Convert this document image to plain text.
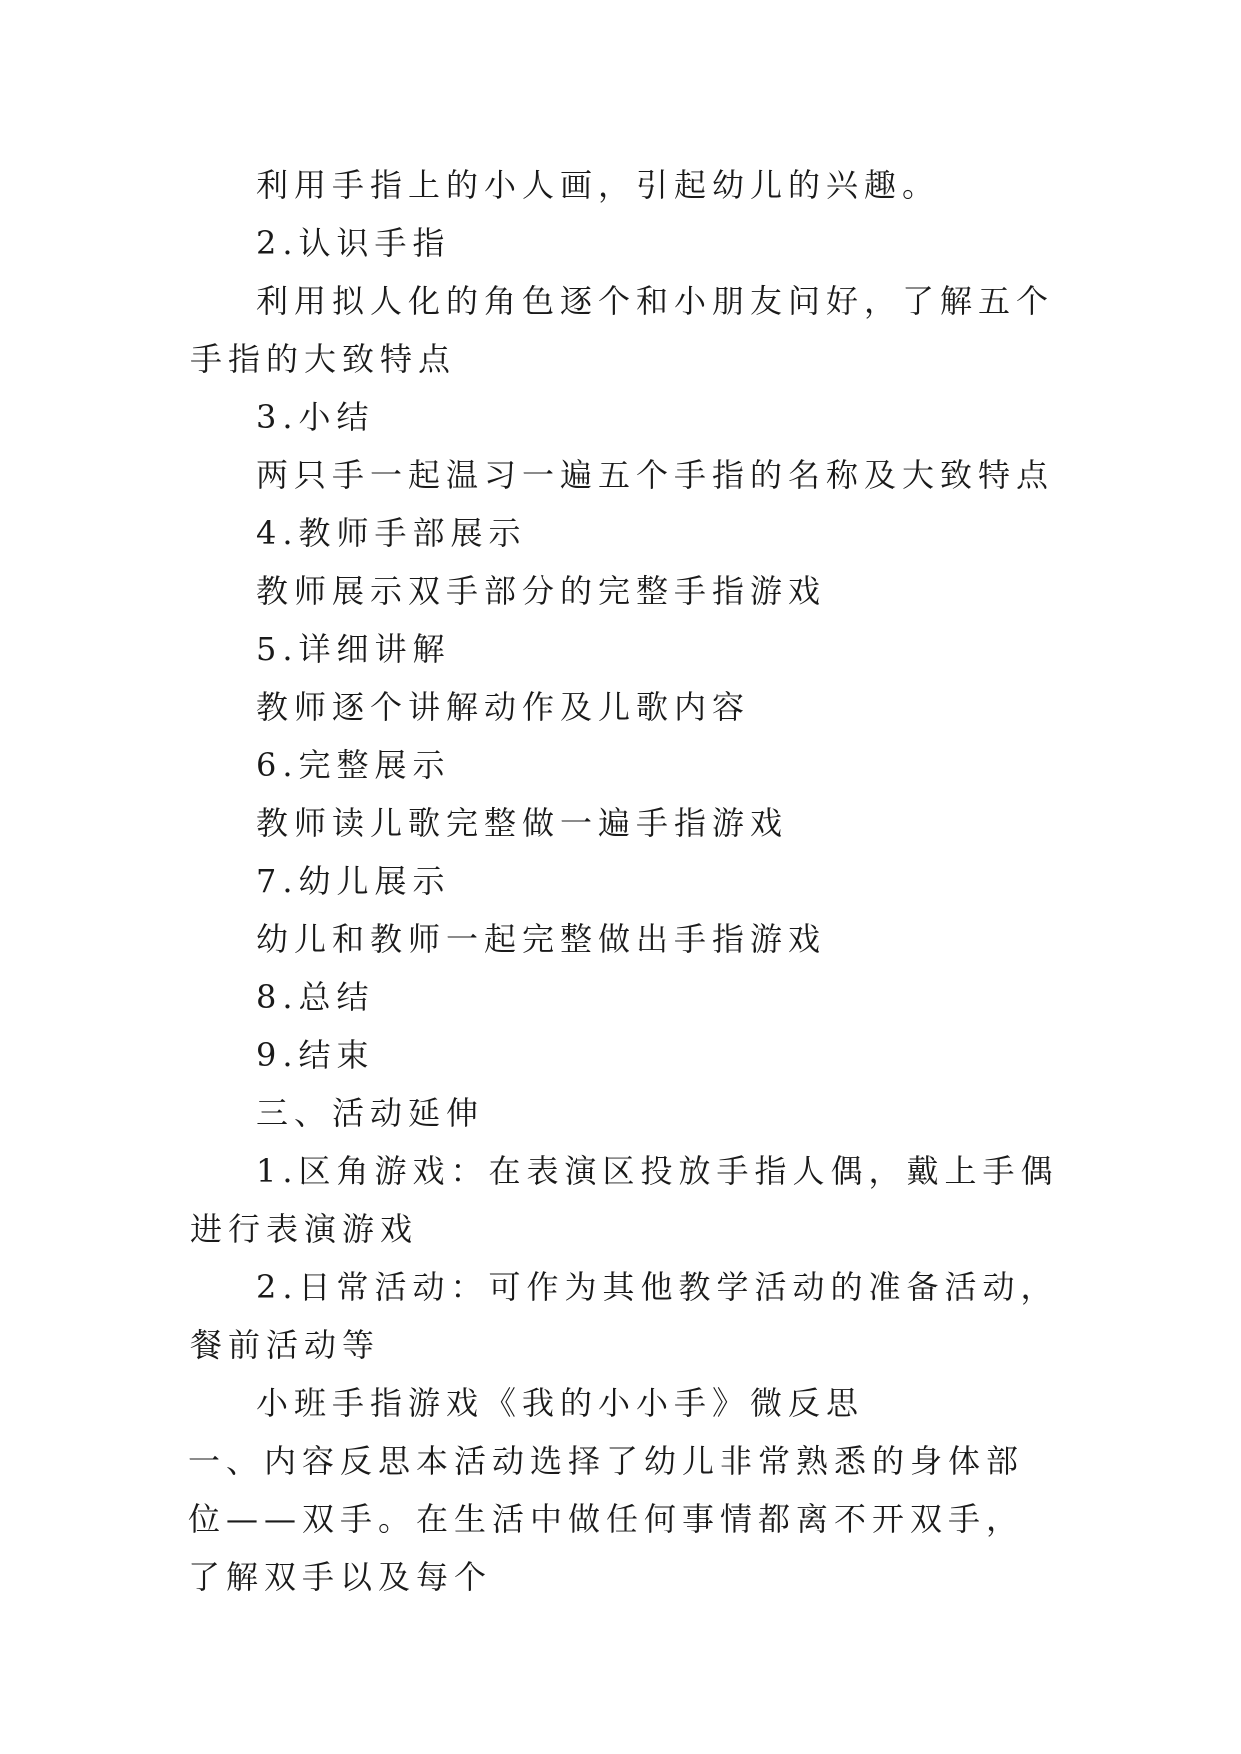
利用手指上的小人画，引起幼儿的兴趣。

2.认识手指

利用拟人化的角色逐个和小朋友问好，了解五个手指的大致特点

3.小结

两只手一起温习一遍五个手指的名称及大致特点

4.教师手部展示

教师展示双手部分的完整手指游戏

5.详细讲解

教师逐个讲解动作及儿歌内容

6.完整展示

教师读儿歌完整做一遍手指游戏

7.幼儿展示

幼儿和教师一起完整做出手指游戏

8.总结

9.结束

三、活动延伸

1.区角游戏：在表演区投放手指人偶，戴上手偶进行表演游戏

2.日常活动：可作为其他教学活动的准备活动，餐前活动等

小班手指游戏《我的小小手》微反思

一、内容反思本活动选择了幼儿非常熟悉的身体部位——双手。在生活中做任何事情都离不开双手，了解双手以及每个
